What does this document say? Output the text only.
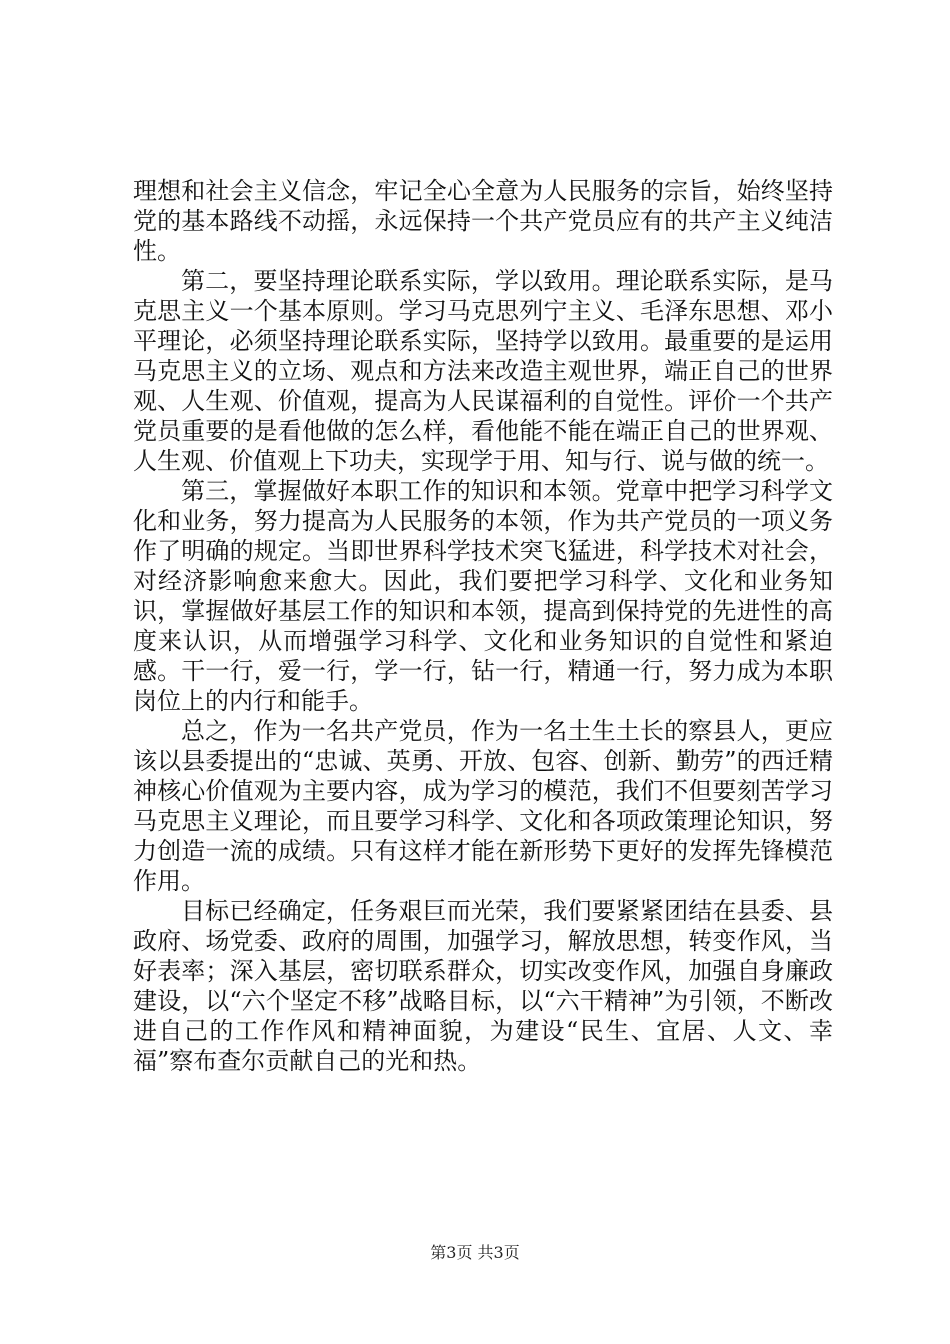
理想和社会主义信念，牢记全心全意为人民服务的宗旨，始终坚持党的基本路线不动摇，永远保持一个共产党员应有的共产主义纯洁性。

第二，要坚持理论联系实际，学以致用。理论联系实际，是马克思主义一个基本原则。学习马克思列宁主义、毛泽东思想、邓小平理论，必须坚持理论联系实际，坚持学以致用。最重要的是运用马克思主义的立场、观点和方法来改造主观世界，端正自己的世界观、人生观、价值观，提高为人民谋福利的自觉性。评价一个共产党员重要的是看他做的怎么样，看他能不能在端正自己的世界观、人生观、价值观上下功夫，实现学于用、知与行、说与做的统一。

第三，掌握做好本职工作的知识和本领。党章中把学习科学文化和业务，努力提高为人民服务的本领，作为共产党员的一项义务作了明确的规定。当即世界科学技术突飞猛进，科学技术对社会，对经济影响愈来愈大。因此，我们要把学习科学、文化和业务知识，掌握做好基层工作的知识和本领，提高到保持党的先进性的高度来认识，从而增强学习科学、文化和业务知识的自觉性和紧迫感。干一行，爱一行，学一行，钻一行，精通一行，努力成为本职岗位上的内行和能手。

总之，作为一名共产党员，作为一名土生土长的察县人，更应该以县委提出的“忠诚、英勇、开放、包容、创新、勤劳”的西迁精神核心价值观为主要内容，成为学习的模范，我们不但要刻苦学习马克思主义理论，而且要学习科学、文化和各项政策理论知识，努力创造一流的成绩。只有这样才能在新形势下更好的发挥先锋模范作用。

目标已经确定，任务艰巨而光荣，我们要紧紧团结在县委、县政府、场党委、政府的周围，加强学习，解放思想，转变作风，当好表率；深入基层，密切联系群众，切实改变作风，加强自身廉政建设，以“六个坚定不移”战略目标，以“六干精神”为引领，不断改进自己的工作作风和精神面貌，为建设“民生、宜居、人文、幸福”察布查尔贡献自己的光和热。

第3页 共3页
